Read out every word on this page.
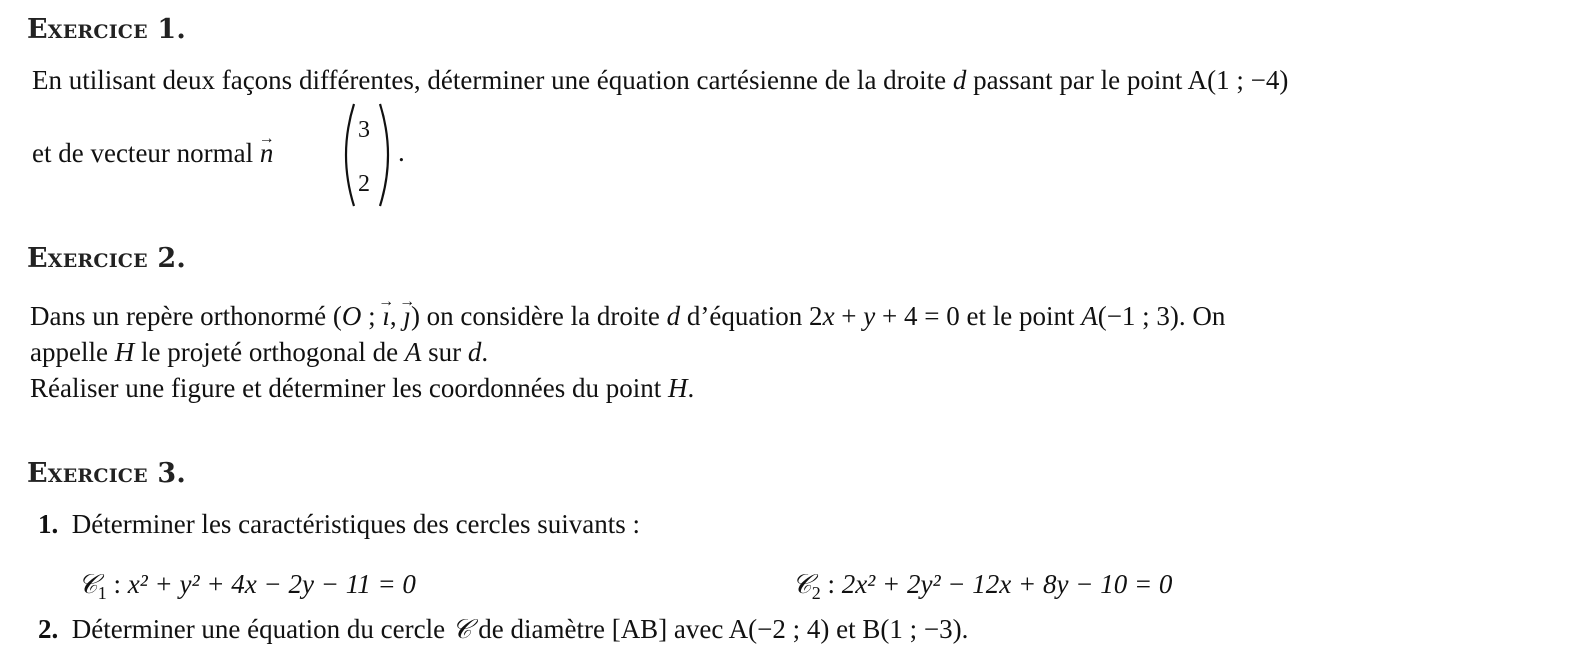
Exercice 1.
En utilisant deux façons différentes, déterminer une équation cartésienne de la droite d passant par le point A(1 ; −4)
et de vecteur normal → n
3
2
.
Exercice 2.
Dans un repère orthonormé (O ; → ı, → ȷ) on considère la droite d d’équation 2x + y + 4 = 0 et le point A(−1 ; 3). On
appelle H le projeté orthogonal de A sur d.
Réaliser une figure et déterminer les coordonnées du point H.
Exercice 3.
1. Déterminer les caractéristiques des cercles suivants :
𝒞$_1$ : x² + y² + 4x − 2y − 11 = 0	𝒞$_2$ : 2x² + 2y² − 12x + 8y − 10 = 0
2. Déterminer une équation du cercle 𝒞 de diamètre [AB] avec A(−2 ; 4) et B(1 ; −3).
